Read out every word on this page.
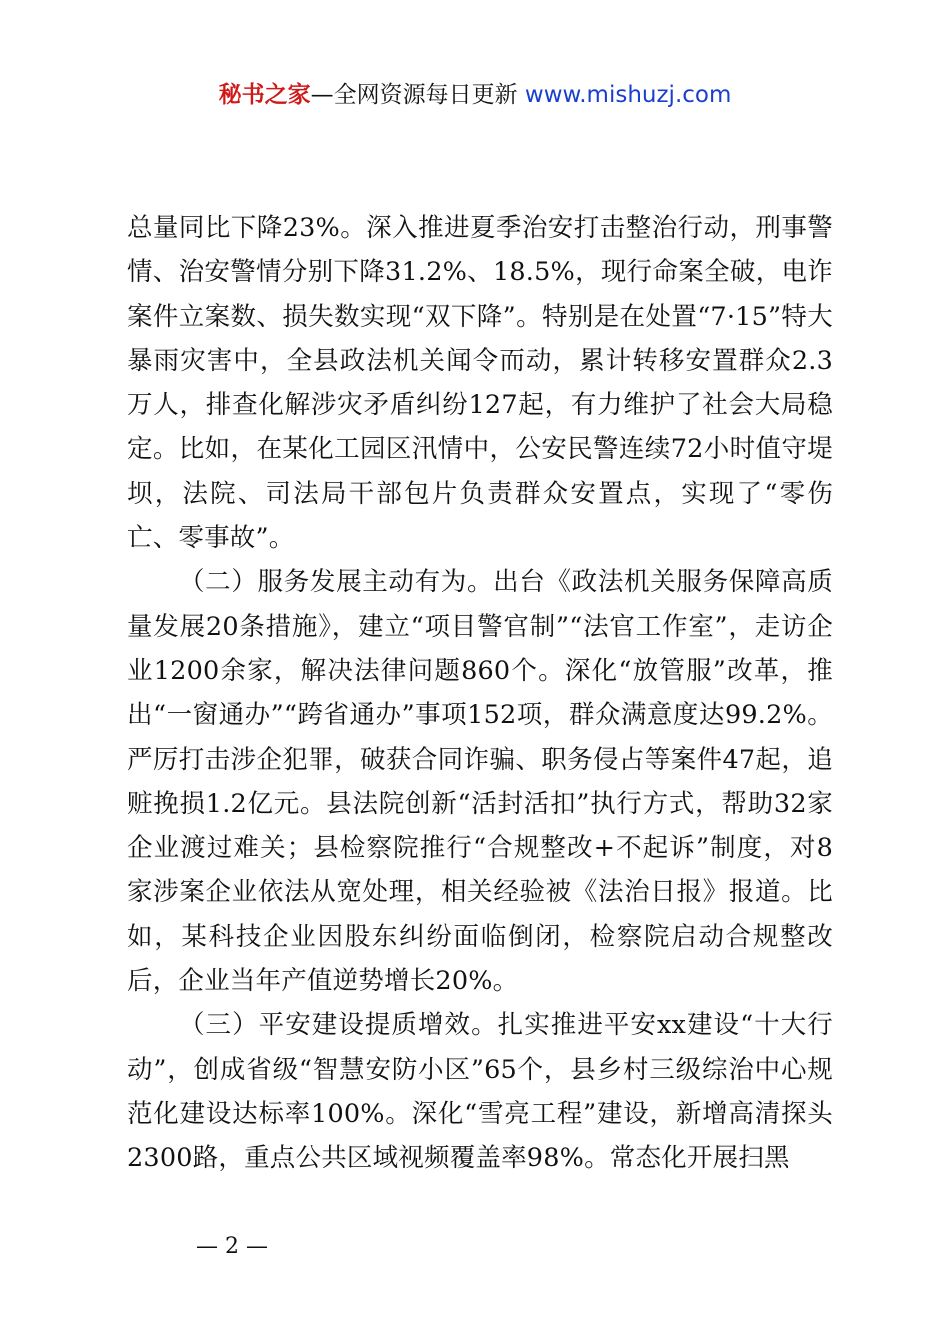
秘书之家—全网资源每日更新 www.mishuzj.com

总量同比下降23%。深入推进夏季治安打击整治行动，刑事警情、治安警情分别下降31.2%、18.5%，现行命案全破，电诈案件立案数、损失数实现“双下降”。特别是在处置“7·15”特大暴雨灾害中，全县政法机关闻令而动，累计转移安置群众2.3万人，排查化解涉灾矛盾纠纷127起，有力维护了社会大局稳定。比如，在某化工园区汛情中，公安民警连续72小时值守堤坝，法院、司法局干部包片负责群众安置点，实现了“零伤亡、零事故”。

（二）服务发展主动有为。出台《政法机关服务保障高质量发展20条措施》，建立“项目警官制”“法官工作室”，走访企业1200余家，解决法律问题860个。深化“放管服”改革，推出“一窗通办”“跨省通办”事项152项，群众满意度达99.2%。严厉打击涉企犯罪，破获合同诈骗、职务侵占等案件47起，追赃挽损1.2亿元。县法院创新“活封活扣”执行方式，帮助32家企业渡过难关；县检察院推行“合规整改+不起诉”制度，对8家涉案企业依法从宽处理，相关经验被《法治日报》报道。比如，某科技企业因股东纠纷面临倒闭，检察院启动合规整改后，企业当年产值逆势增长20%。

（三）平安建设提质增效。扎实推进平安xx建设“十大行动”，创成省级“智慧安防小区”65个，县乡村三级综治中心规范化建设达标率100%。深化“雪亮工程”建设，新增高清探头2300路，重点公共区域视频覆盖率98%。常态化开展扫黑

— 2 —
